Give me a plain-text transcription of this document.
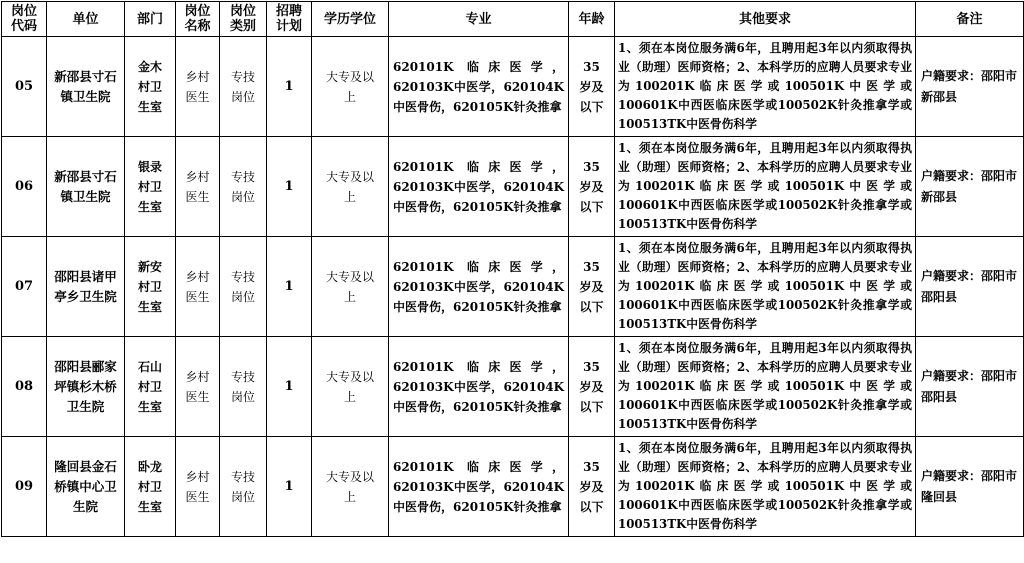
岗位代码	单位	部门	岗位名称	岗位类别	招聘计划	学历学位	专业	年龄	其他要求	备注
05	新邵县寸石镇卫生院	金木村卫生室	乡村医生	专技岗位	1	大专及以上	620101K 临床医学，620103K中医学，620104K中医骨伤，620105K针灸推拿	35岁及以下	1、须在本岗位服务满6年，且聘用起3年以内须取得执业（助理）医师资格；2、本科学历的应聘人员要求专业为100201K临床医学或100501K中医学或100601K中西医临床医学或100502K针灸推拿学或100513TK中医骨伤科学	户籍要求：邵阳市新邵县
06	新邵县寸石镇卫生院	银录村卫生室	乡村医生	专技岗位	1	大专及以上	620101K 临床医学，620103K中医学，620104K中医骨伤，620105K针灸推拿	35岁及以下	1、须在本岗位服务满6年，且聘用起3年以内须取得执业（助理）医师资格；2、本科学历的应聘人员要求专业为100201K临床医学或100501K中医学或100601K中西医临床医学或100502K针灸推拿学或100513TK中医骨伤科学	户籍要求：邵阳市新邵县
07	邵阳县诸甲亭乡卫生院	新安村卫生室	乡村医生	专技岗位	1	大专及以上	620101K 临床医学，620103K中医学，620104K中医骨伤，620105K针灸推拿	35岁及以下	1、须在本岗位服务满6年，且聘用起3年以内须取得执业（助理）医师资格；2、本科学历的应聘人员要求专业为100201K临床医学或100501K中医学或100601K中西医临床医学或100502K针灸推拿学或100513TK中医骨伤科学	户籍要求：邵阳市邵阳县
08	邵阳县郦家坪镇杉木桥卫生院	石山村卫生室	乡村医生	专技岗位	1	大专及以上	620101K 临床医学，620103K中医学，620104K中医骨伤，620105K针灸推拿	35岁及以下	1、须在本岗位服务满6年，且聘用起3年以内须取得执业（助理）医师资格；2、本科学历的应聘人员要求专业为100201K临床医学或100501K中医学或100601K中西医临床医学或100502K针灸推拿学或100513TK中医骨伤科学	户籍要求：邵阳市邵阳县
09	隆回县金石桥镇中心卫生院	卧龙村卫生室	乡村医生	专技岗位	1	大专及以上	620101K 临床医学，620103K中医学，620104K中医骨伤，620105K针灸推拿	35岁及以下	1、须在本岗位服务满6年，且聘用起3年以内须取得执业（助理）医师资格；2、本科学历的应聘人员要求专业为100201K临床医学或100501K中医学或100601K中西医临床医学或100502K针灸推拿学或100513TK中医骨伤科学	户籍要求：邵阳市隆回县
